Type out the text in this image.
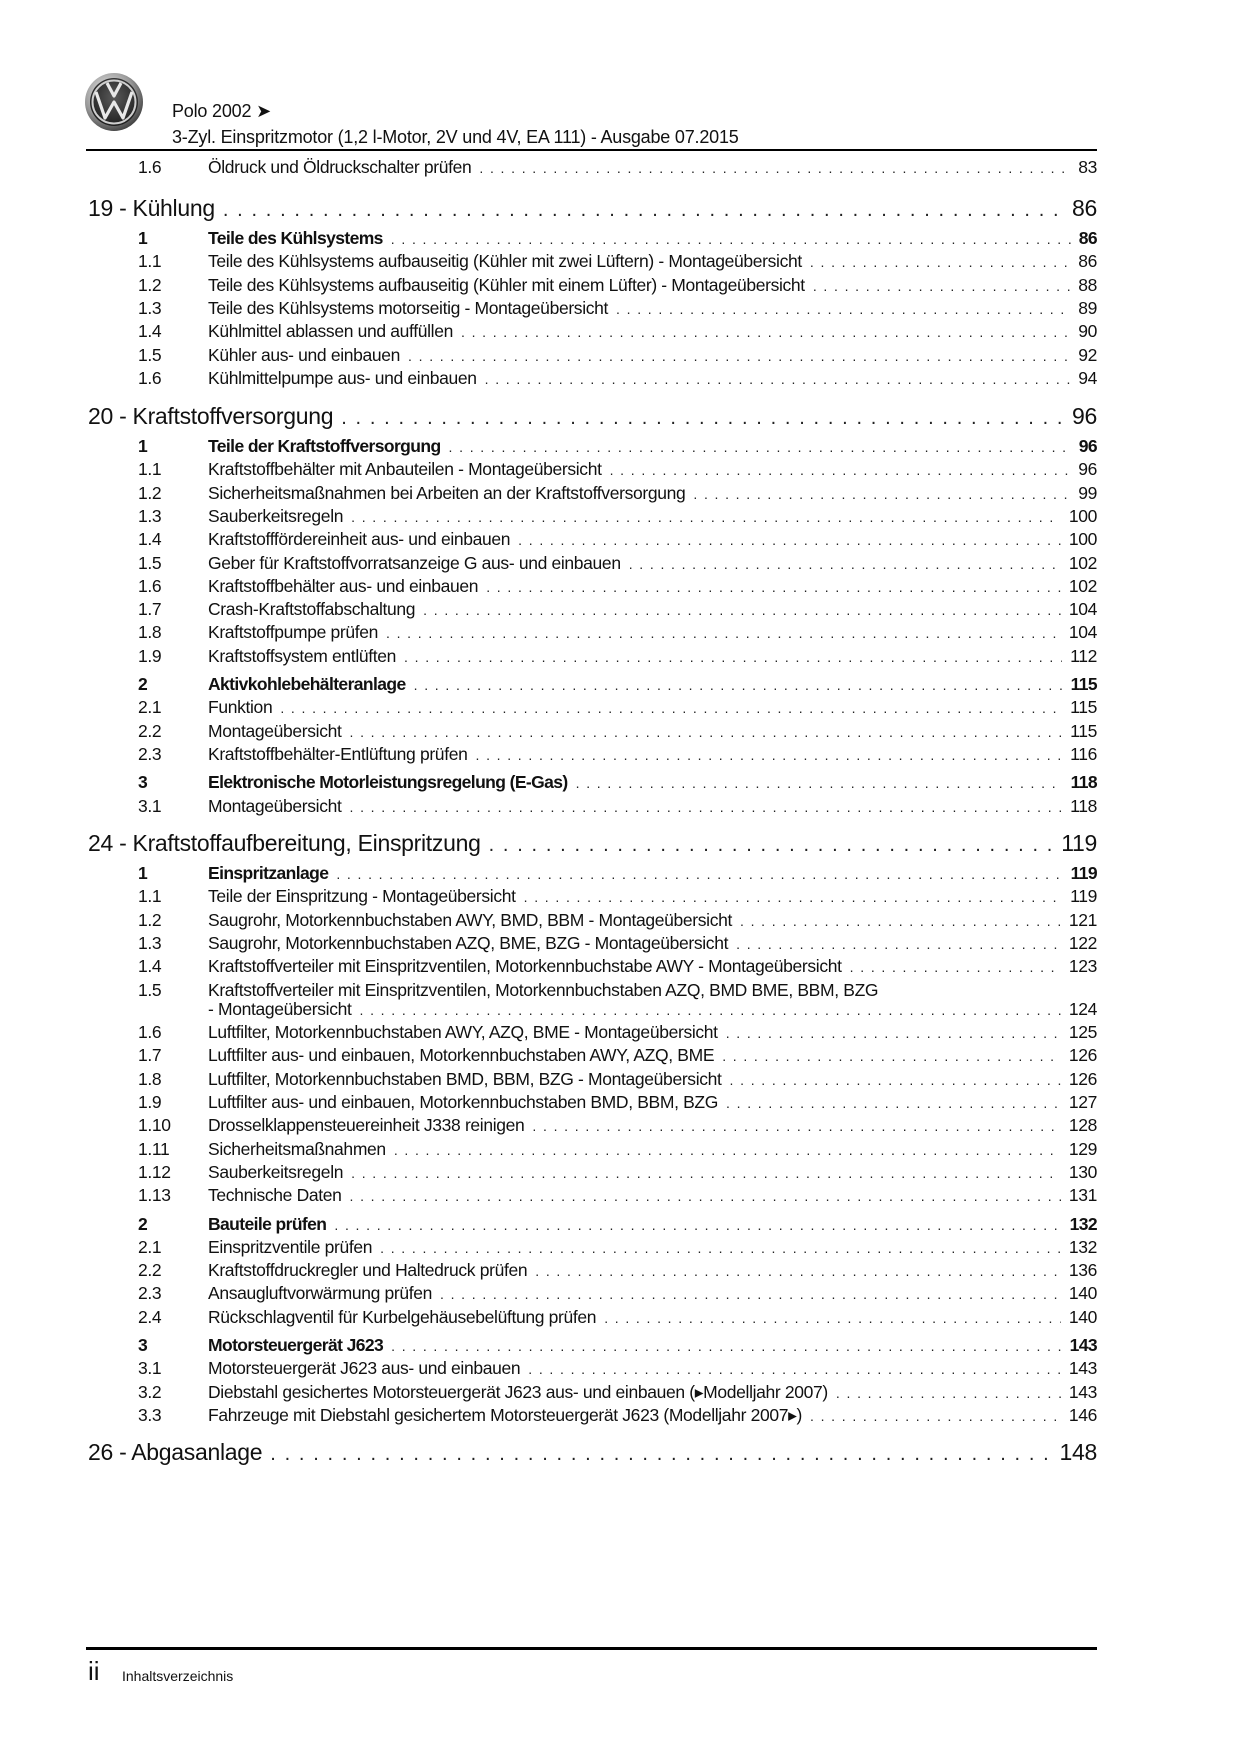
Polo 2002 ➤
3-Zyl. Einspritzmotor (1,2 l-Motor, 2V und 4V, EA 111) - Ausgabe 07.2015
1.6	Öldruck und Öldruckschalter prüfen . . .	83
19 - Kühlung . . .	86
1	Teile des Kühlsystems . . .	86
1.1	Teile des Kühlsystems aufbauseitig (Kühler mit zwei Lüftern) - Montageübersicht . . .	86
1.2	Teile des Kühlsystems aufbauseitig (Kühler mit einem Lüfter) - Montageübersicht . . .	88
1.3	Teile des Kühlsystems motorseitig - Montageübersicht . . .	89
1.4	Kühlmittel ablassen und auffüllen . . .	90
1.5	Kühler aus- und einbauen . . .	92
1.6	Kühlmittelpumpe aus- und einbauen . . .	94
20 - Kraftstoffversorgung . . .	96
1	Teile der Kraftstoffversorgung . . .	96
1.1	Kraftstoffbehälter mit Anbauteilen - Montageübersicht . . .	96
1.2	Sicherheitsmaßnahmen bei Arbeiten an der Kraftstoffversorgung . . .	99
1.3	Sauberkeitsregeln . . .	100
1.4	Kraftstofffördereinheit aus- und einbauen . . .	100
1.5	Geber für Kraftstoffvorratsanzeige G aus- und einbauen . . .	102
1.6	Kraftstoffbehälter aus- und einbauen . . .	102
1.7	Crash-Kraftstoffabschaltung . . .	104
1.8	Kraftstoffpumpe prüfen . . .	104
1.9	Kraftstoffsystem entlüften . . .	112
2	Aktivkohlebehälteranlage . . .	115
2.1	Funktion . . .	115
2.2	Montageübersicht . . .	115
2.3	Kraftstoffbehälter-Entlüftung prüfen . . .	116
3	Elektronische Motorleistungsregelung (E-Gas) . . .	118
3.1	Montageübersicht . . .	118
24 - Kraftstoffaufbereitung, Einspritzung . . .	119
1	Einspritzanlage . . .	119
1.1	Teile der Einspritzung - Montageübersicht . . .	119
1.2	Saugrohr, Motorkennbuchstaben AWY, BMD, BBM - Montageübersicht . . .	121
1.3	Saugrohr, Motorkennbuchstaben AZQ, BME, BZG - Montageübersicht . . .	122
1.4	Kraftstoffverteiler mit Einspritzventilen, Motorkennbuchstabe AWY - Montageübersicht . . .	123
1.5	Kraftstoffverteiler mit Einspritzventilen, Motorkennbuchstaben AZQ, BMD BME, BBM, BZG
- Montageübersicht . . .	124
1.6	Luftfilter, Motorkennbuchstaben AWY, AZQ, BME - Montageübersicht . . .	125
1.7	Luftfilter aus- und einbauen, Motorkennbuchstaben AWY, AZQ, BME . . .	126
1.8	Luftfilter, Motorkennbuchstaben BMD, BBM, BZG - Montageübersicht . . .	126
1.9	Luftfilter aus- und einbauen, Motorkennbuchstaben BMD, BBM, BZG . . .	127
1.10	Drosselklappensteuereinheit J338 reinigen . . .	128
1.11	Sicherheitsmaßnahmen . . .	129
1.12	Sauberkeitsregeln . . .	130
1.13	Technische Daten . . .	131
2	Bauteile prüfen . . .	132
2.1	Einspritzventile prüfen . . .	132
2.2	Kraftstoffdruckregler und Haltedruck prüfen . . .	136
2.3	Ansaugluftvorwärmung prüfen . . .	140
2.4	Rückschlagventil für Kurbelgehäusebelüftung prüfen . . .	140
3	Motorsteuergerät J623 . . .	143
3.1	Motorsteuergerät J623 aus- und einbauen . . .	143
3.2	Diebstahl gesichertes Motorsteuergerät J623 aus- und einbauen (▸Modelljahr 2007) . . .	143
3.3	Fahrzeuge mit Diebstahl gesichertem Motorsteuergerät J623 (Modelljahr 2007▸) . . .	146
26 - Abgasanlage . . .	148
ii Inhaltsverzeichnis
